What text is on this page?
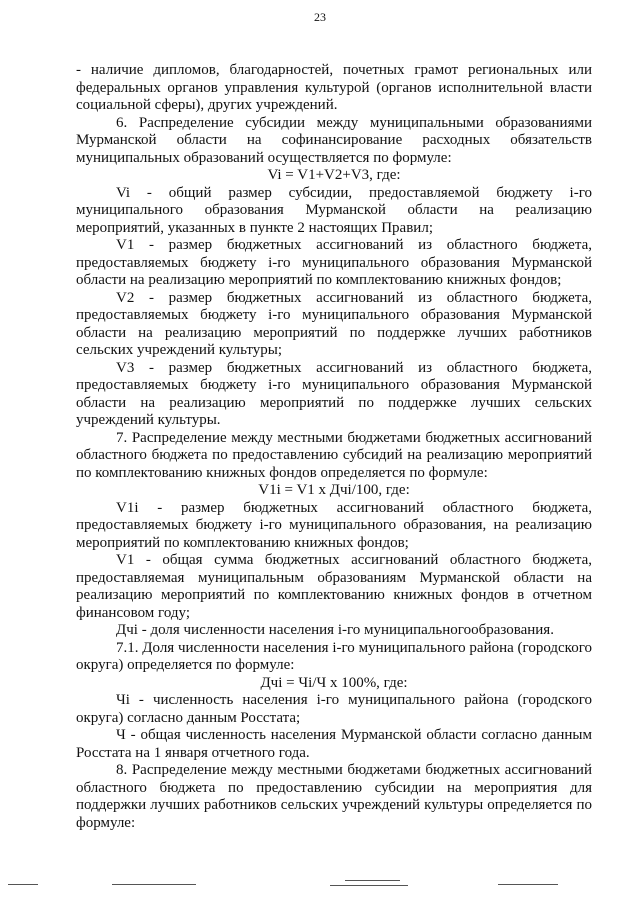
23

- наличие дипломов, благодарностей, почетных грамот региональных или федеральных органов управления культурой (органов исполнительной власти социальной сферы), других учреждений.

6. Распределение субсидии между муниципальными образованиями Мурманской области на софинансирование расходных обязательств муниципальных образований осуществляется по формуле:

Vi = V1+V2+V3, где:

Vi - общий размер субсидии, предоставляемой бюджету i-го муниципального образования Мурманской области на реализацию мероприятий, указанных в пункте 2 настоящих Правил;

V1 - размер бюджетных ассигнований из областного бюджета, предоставляемых бюджету i-го муниципального образования Мурманской области на реализацию мероприятий по комплектованию книжных фондов;

V2 - размер бюджетных ассигнований из областного бюджета, предоставляемых бюджету i-го муниципального образования Мурманской области на реализацию мероприятий по поддержке лучших работников сельских учреждений культуры;

V3 - размер бюджетных ассигнований из областного бюджета, предоставляемых бюджету i-го муниципального образования Мурманской области на реализацию мероприятий по поддержке лучших сельских учреждений культуры.

7. Распределение между местными бюджетами бюджетных ассигнований областного бюджета по предоставлению субсидий на реализацию мероприятий по комплектованию книжных фондов определяется по формуле:

V1i = V1 x Дчi/100, где:

V1i - размер бюджетных ассигнований областного бюджета, предоставляемых бюджету i-го муниципального образования, на реализацию мероприятий по комплектованию книжных фондов;

V1 - общая сумма бюджетных ассигнований областного бюджета, предоставляемая муниципальным образованиям Мурманской области на реализацию мероприятий по комплектованию книжных фондов в отчетном финансовом году;

Дчi - доля численности населения i-го муниципальногообразования.

7.1. Доля численности населения i-го муниципального района (городского округа) определяется по формуле:

Дчi = Чi/Ч x 100%, где:

Чi - численность населения i-го муниципального района (городского округа) согласно данным Росстата;

Ч - общая численность населения Мурманской области согласно данным Росстата на 1 января отчетного года.

8. Распределение между местными бюджетами бюджетных ассигнований областного бюджета по предоставлению субсидии на мероприятия для поддержки лучших работников сельских учреждений культуры определяется по формуле:
